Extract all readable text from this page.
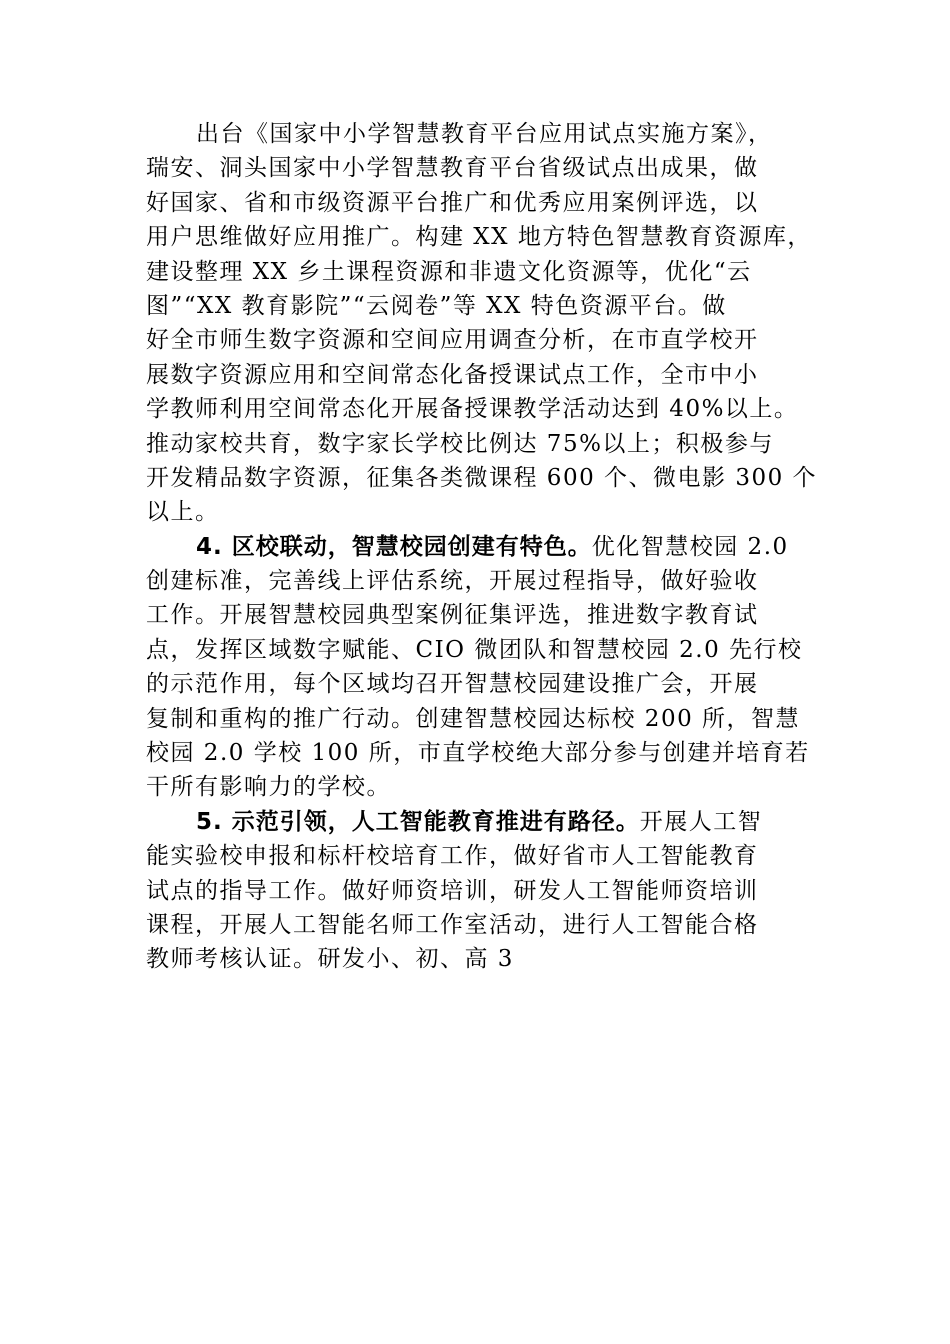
出台《国家中小学智慧教育平台应用试点实施方案》，
瑞安、洞头国家中小学智慧教育平台省级试点出成果，做
好国家、省和市级资源平台推广和优秀应用案例评选，以
用户思维做好应用推广。构建 XX 地方特色智慧教育资源库，
建设整理 XX 乡土课程资源和非遗文化资源等，优化“云
图”“XX 教育影院”“云阅卷”等 XX 特色资源平台。做
好全市师生数字资源和空间应用调查分析，在市直学校开
展数字资源应用和空间常态化备授课试点工作，全市中小
学教师利用空间常态化开展备授课教学活动达到 40%以上。
推动家校共育，数字家长学校比例达 75%以上；积极参与
开发精品数字资源，征集各类微课程 600 个、微电影 300 个
以上。
4. 区校联动，智慧校园创建有特色。优化智慧校园 2.0
创建标准，完善线上评估系统，开展过程指导，做好验收
工作。开展智慧校园典型案例征集评选，推进数字教育试
点，发挥区域数字赋能、CIO 微团队和智慧校园 2.0 先行校
的示范作用，每个区域均召开智慧校园建设推广会，开展
复制和重构的推广行动。创建智慧校园达标校 200 所，智慧
校园 2.0 学校 100 所，市直学校绝大部分参与创建并培育若
干所有影响力的学校。
5. 示范引领，人工智能教育推进有路径。开展人工智
能实验校申报和标杆校培育工作，做好省市人工智能教育
试点的指导工作。做好师资培训，研发人工智能师资培训
课程，开展人工智能名师工作室活动，进行人工智能合格
教师考核认证。研发小、初、高 3
